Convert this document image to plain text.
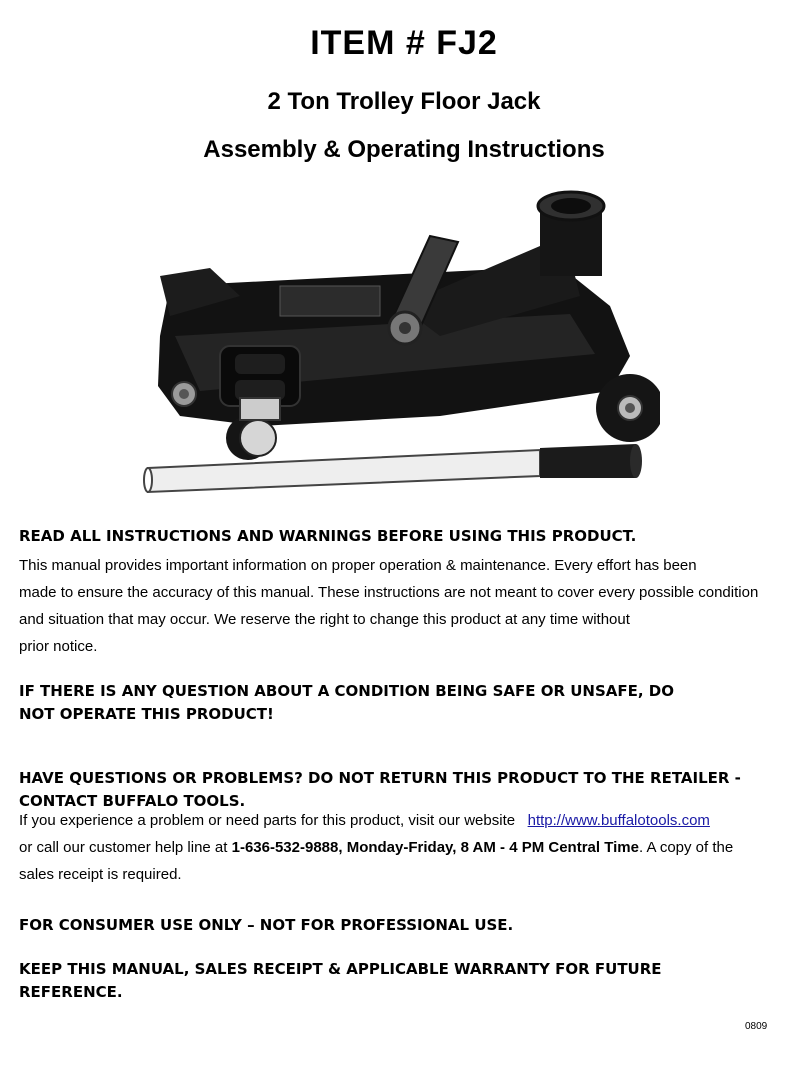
ITEM # FJ2
2 Ton Trolley Floor Jack
Assembly & Operating Instructions
READ ALL INSTRUCTIONS AND WARNINGS BEFORE USING THIS PRODUCT.
This manual provides important information on proper operation & maintenance. Every effort has been
made to ensure the accuracy of this manual. These instructions are not meant to cover every possible condition
and situation that may occur. We reserve the right to change this product at any time without
prior notice.
IF THERE IS ANY QUESTION ABOUT A CONDITION BEING SAFE OR UNSAFE, DO
NOT OPERATE THIS PRODUCT!
HAVE QUESTIONS OR PROBLEMS? DO NOT RETURN THIS PRODUCT TO THE RETAILER -
CONTACT BUFFALO TOOLS.
If you experience a problem or need parts for this product, visit our website http://www.buffalotools.com
or call our customer help line at 1-636-532-9888, Monday-Friday, 8 AM - 4 PM Central Time. A copy of the
sales receipt is required.
FOR CONSUMER USE ONLY – NOT FOR PROFESSIONAL USE.
KEEP THIS MANUAL, SALES RECEIPT & APPLICABLE WARRANTY FOR FUTURE
REFERENCE.
0809
